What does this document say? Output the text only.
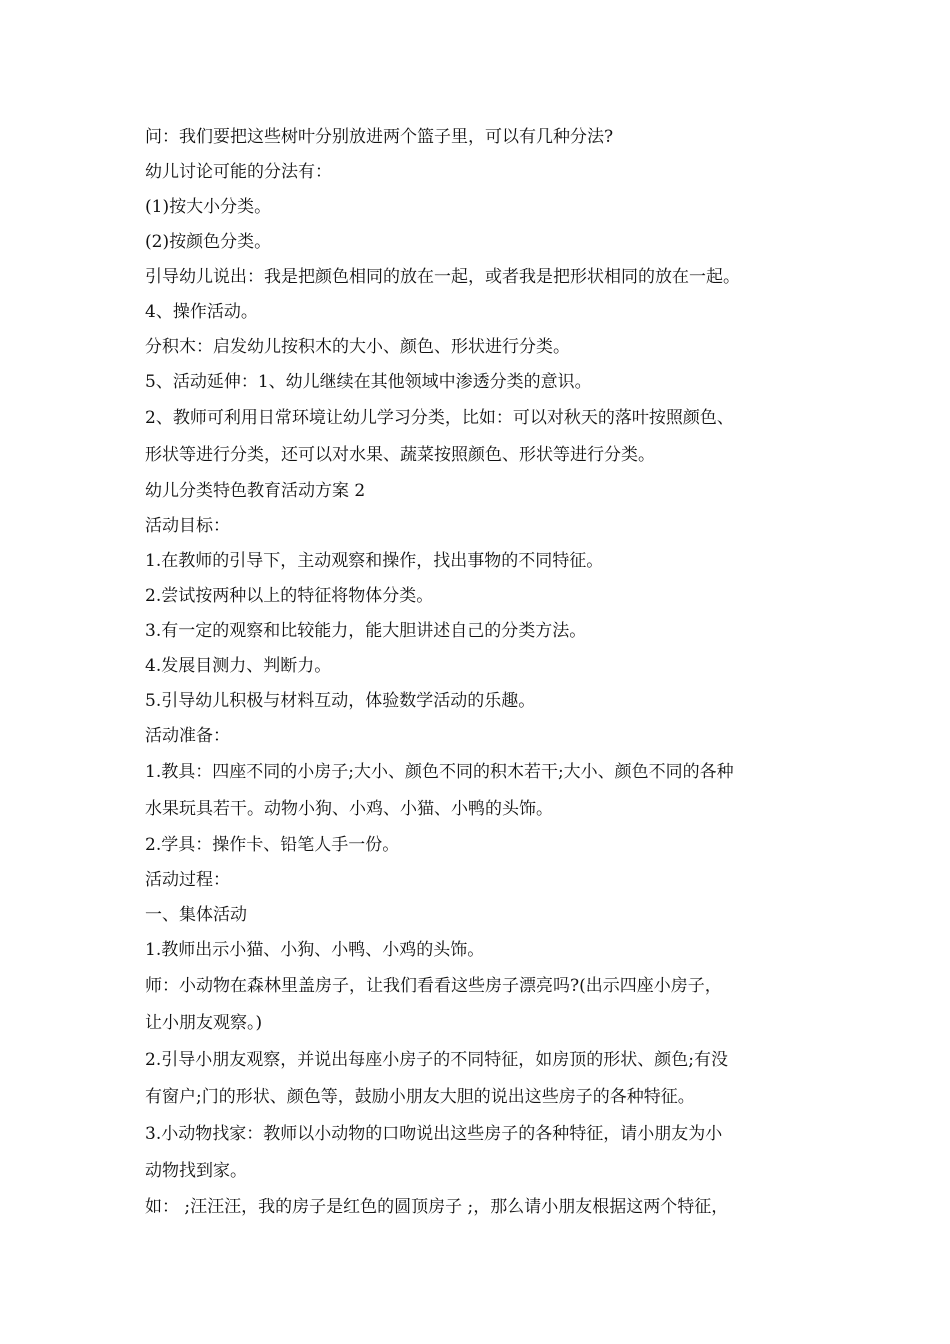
问：我们要把这些树叶分别放进两个篮子里，可以有几种分法?

幼儿讨论可能的分法有：

(1)按大小分类。

(2)按颜色分类。

引导幼儿说出：我是把颜色相同的放在一起，或者我是把形状相同的放在一起。

4、操作活动。

分积木：启发幼儿按积木的大小、颜色、形状进行分类。

5、活动延伸：1、幼儿继续在其他领域中渗透分类的意识。

2、教师可利用日常环境让幼儿学习分类，比如：可以对秋天的落叶按照颜色、

形状等进行分类，还可以对水果、蔬菜按照颜色、形状等进行分类。

幼儿分类特色教育活动方案 2

活动目标：

1.在教师的引导下，主动观察和操作，找出事物的不同特征。

2.尝试按两种以上的特征将物体分类。

3.有一定的观察和比较能力，能大胆讲述自己的分类方法。

4.发展目测力、判断力。

5.引导幼儿积极与材料互动，体验数学活动的乐趣。

活动准备：

1.教具：四座不同的小房子;大小、颜色不同的积木若干;大小、颜色不同的各种

水果玩具若干。动物小狗、小鸡、小猫、小鸭的头饰。

2.学具：操作卡、铅笔人手一份。

活动过程：

一、集体活动

1.教师出示小猫、小狗、小鸭、小鸡的头饰。

师：小动物在森林里盖房子，让我们看看这些房子漂亮吗?(出示四座小房子，

让小朋友观察。)

2.引导小朋友观察，并说出每座小房子的不同特征，如房顶的形状、颜色;有没

有窗户;门的形状、颜色等，鼓励小朋友大胆的说出这些房子的各种特征。

3.小动物找家：教师以小动物的口吻说出这些房子的各种特征，请小朋友为小

动物找到家。

如： ;汪汪汪，我的房子是红色的圆顶房子 ;，那么请小朋友根据这两个特征，
